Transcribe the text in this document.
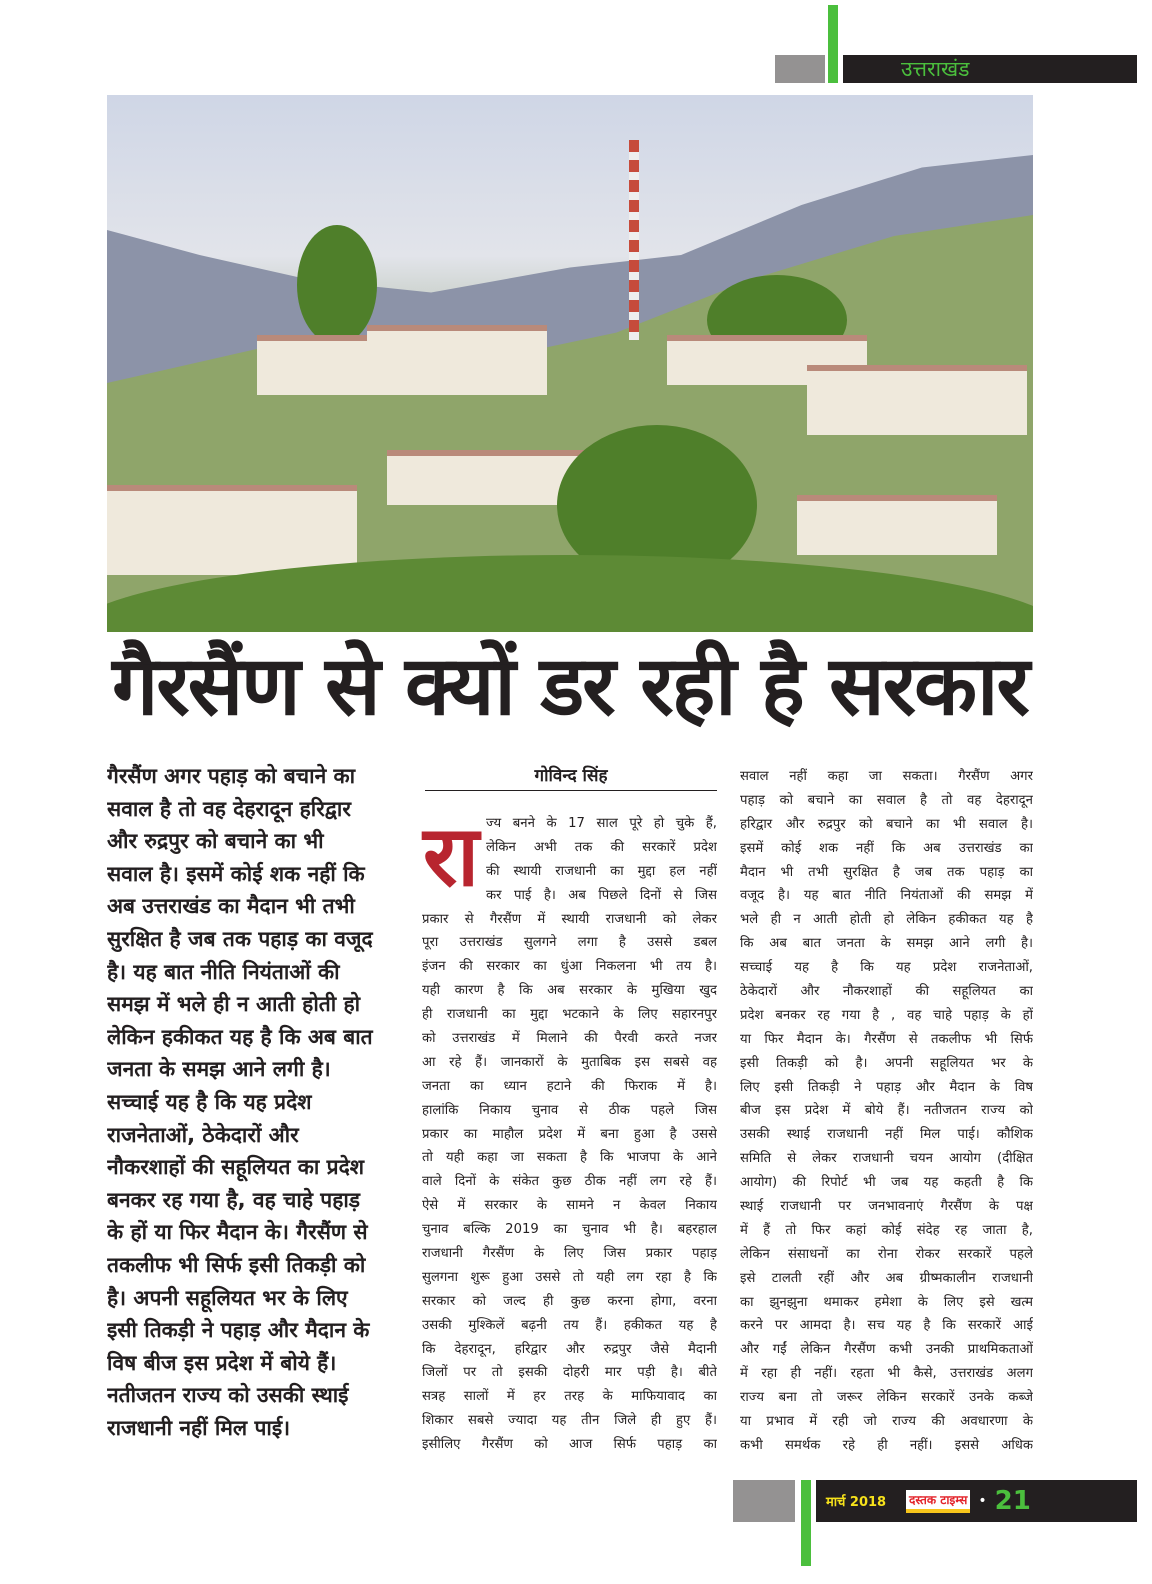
उत्तराखंड
गैरसैंण से क्यों डर रही है सरकार
गैरसैंण अगर पहाड़ को बचाने का
सवाल है तो वह देहरादून हरिद्वार
और रुद्रपुर को बचाने का भी
सवाल है। इसमें कोई शक नहीं कि
अब उत्तराखंड का मैदान भी तभी
सुरक्षित है जब तक पहाड़ का वजूद
है। यह बात नीति नियंताओं की
समझ में भले ही न आती होती हो
लेकिन हकीकत यह है कि अब बात
जनता के समझ आने लगी है।
सच्चाई यह है कि यह प्रदेश
राजनेताओं, ठेकेदारों और
नौकरशाहों की सहूलियत का प्रदेश
बनकर रह गया है, वह चाहे पहाड़
के हों या फिर मैदान के। गैरसैंण से
तकलीफ भी सिर्फ इसी तिकड़ी को
है। अपनी सहूलियत भर के लिए
इसी तिकड़ी ने पहाड़ और मैदान के
विष बीज इस प्रदेश में बोये हैं।
नतीजतन राज्य को उसकी स्थाई
राजधानी नहीं मिल पाई।
गोविन्द सिंह
रा ज्य बनने के 17 साल पूरे हो चुके हैं,
लेकिन अभी तक की सरकारें प्रदेश
की स्थायी राजधानी का मुद्दा हल नहीं
कर पाई है। अब पिछले दिनों से जिस
प्रकार से गैरसैंण में स्थायी राजधानी को लेकर
पूरा उत्तराखंड सुलगने लगा है उससे डबल
इंजन की सरकार का धुंआ निकलना भी तय है।
यही कारण है कि अब सरकार के मुखिया खुद
ही राजधानी का मुद्दा भटकाने के लिए सहारनपुर
को उत्तराखंड में मिलाने की पैरवी करते नजर
आ रहे हैं। जानकारों के मुताबिक इस सबसे वह
जनता का ध्यान हटाने की फिराक में है।
हालांकि निकाय चुनाव से ठीक पहले जिस
प्रकार का माहौल प्रदेश में बना हुआ है उससे
तो यही कहा जा सकता है कि भाजपा के आने
वाले दिनों के संकेत कुछ ठीक नहीं लग रहे हैं।
ऐसे में सरकार के सामने न केवल निकाय
चुनाव बल्कि 2019 का चुनाव भी है। बहरहाल
राजधानी गैरसैंण के लिए जिस प्रकार पहाड़
सुलगना शुरू हुआ उससे तो यही लग रहा है कि
सरकार को जल्द ही कुछ करना होगा, वरना
उसकी मुश्किलें बढ़नी तय हैं। हकीकत यह है
कि देहरादून, हरिद्वार और रुद्रपुर जैसे मैदानी
जिलों पर तो इसकी दोहरी मार पड़ी है। बीते
सत्रह सालों में हर तरह के माफियावाद का
शिकार सबसे ज्यादा यह तीन जिले ही हुए हैं।
इसीलिए गैरसैंण को आज सिर्फ पहाड़ का
सवाल नहीं कहा जा सकता। गैरसैंण अगर
पहाड़ को बचाने का सवाल है तो वह देहरादून
हरिद्वार और रुद्रपुर को बचाने का भी सवाल है।
इसमें कोई शक नहीं कि अब उत्तराखंड का
मैदान भी तभी सुरक्षित है जब तक पहाड़ का
वजूद है। यह बात नीति नियंताओं की समझ में
भले ही न आती होती हो लेकिन हकीकत यह है
कि अब बात जनता के समझ आने लगी है।
सच्चाई यह है कि यह प्रदेश राजनेताओं,
ठेकेदारों और नौकरशाहों की सहूलियत का
प्रदेश बनकर रह गया है , वह चाहे पहाड़ के हों
या फिर मैदान के। गैरसैंण से तकलीफ भी सिर्फ
इसी तिकड़ी को है। अपनी सहूलियत भर के
लिए इसी तिकड़ी ने पहाड़ और मैदान के विष
बीज इस प्रदेश में बोये हैं। नतीजतन राज्य को
उसकी स्थाई राजधानी नहीं मिल पाई। कौशिक
समिति से लेकर राजधानी चयन आयोग (दीक्षित
आयोग) की रिपोर्ट भी जब यह कहती है कि
स्थाई राजधानी पर जनभावनाएं गैरसैंण के पक्ष
में हैं तो फिर कहां कोई संदेह रह जाता है,
लेकिन संसाधनों का रोना रोकर सरकारें पहले
इसे टालती रहीं और अब ग्रीष्मकालीन राजधानी
का झुनझुना थमाकर हमेशा के लिए इसे खत्म
करने पर आमदा है। सच यह है कि सरकारें आई
और गईं लेकिन गैरसैंण कभी उनकी प्राथमिकताओं
में रहा ही नहीं। रहता भी कैसे, उत्तराखंड अलग
राज्य बना तो जरूर लेकिन सरकारें उनके कब्जे
या प्रभाव में रही जो राज्य की अवधारणा के
कभी समर्थक रहे ही नहीं। इससे अधिक
मार्च 2018	दस्तक टाइम्स • 21
